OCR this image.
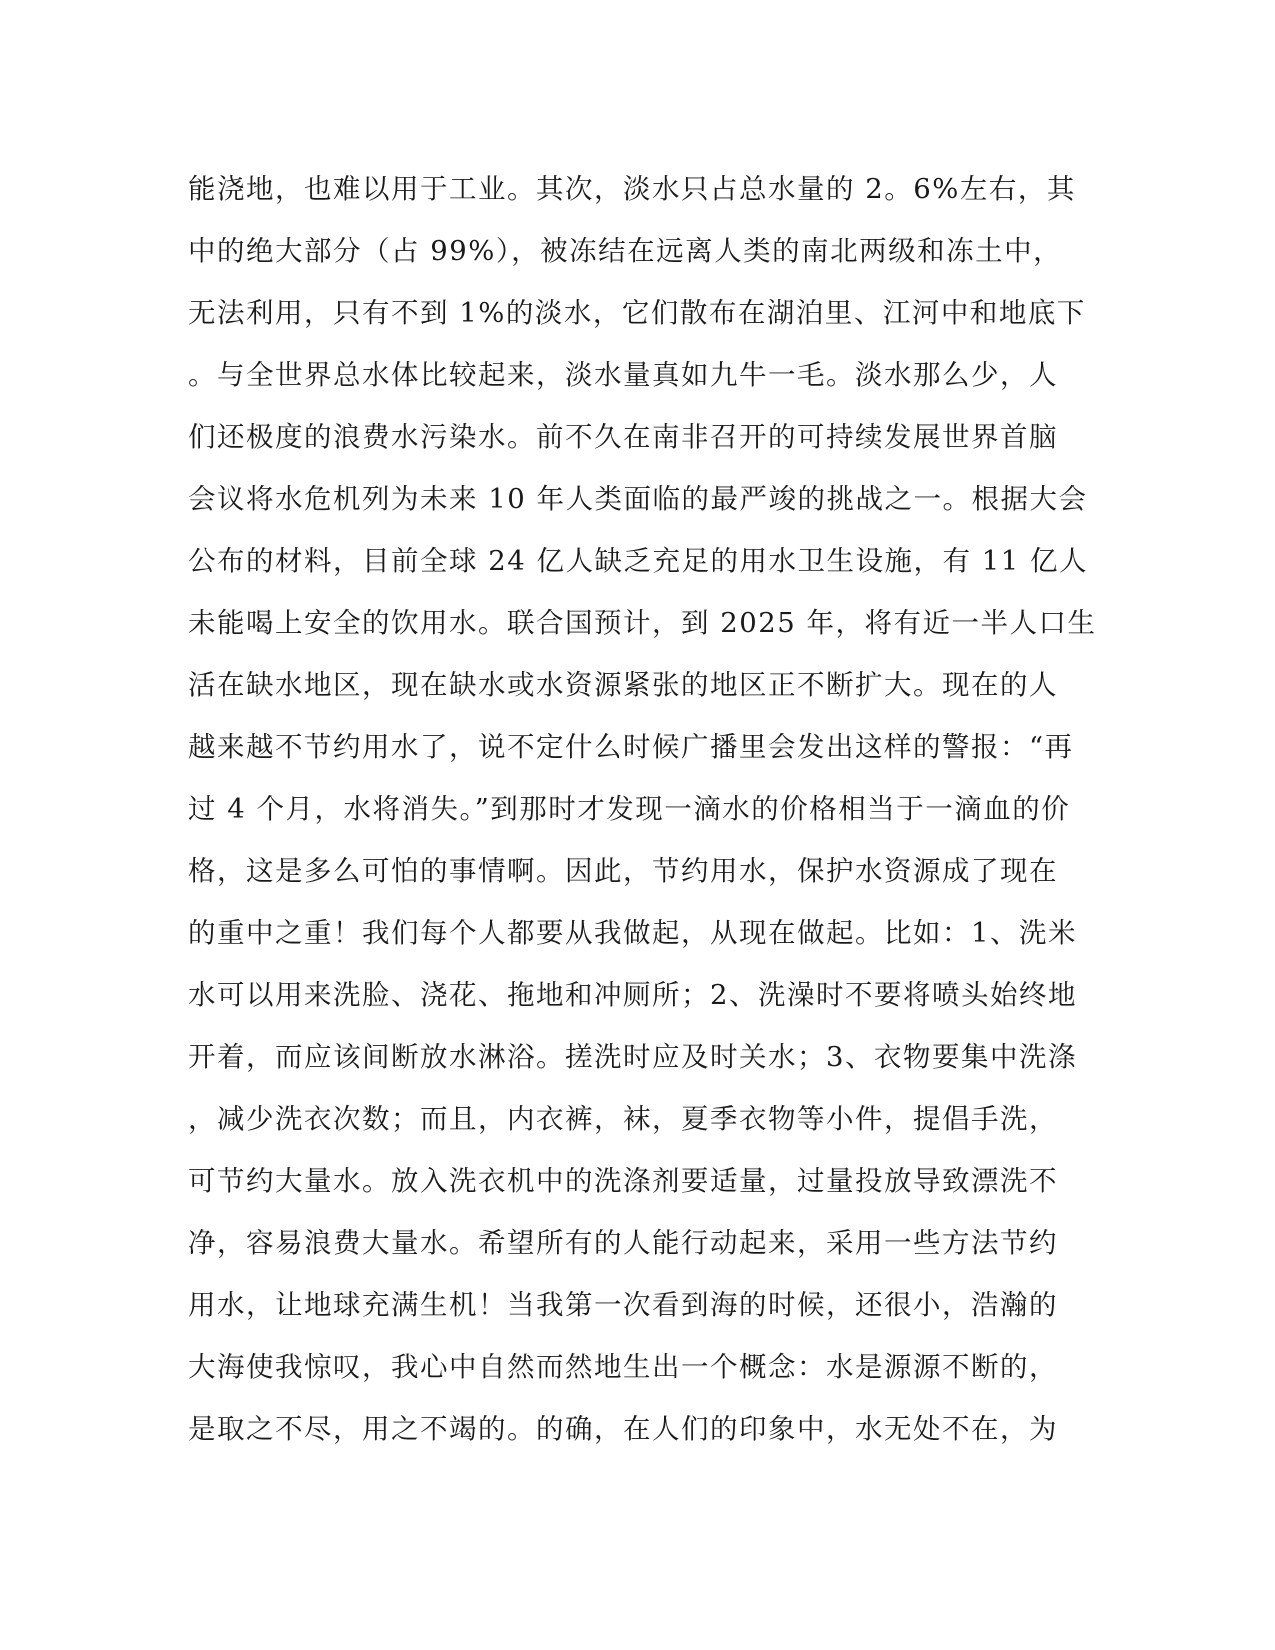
能浇地，也难以用于工业。其次，淡水只占总水量的 2。6%左右，其
中的绝大部分（占 99%），被冻结在远离人类的南北两级和冻土中，
无法利用，只有不到 1%的淡水，它们散布在湖泊里、江河中和地底下
。与全世界总水体比较起来，淡水量真如九牛一毛。淡水那么少，人
们还极度的浪费水污染水。前不久在南非召开的可持续发展世界首脑
会议将水危机列为未来 10 年人类面临的最严竣的挑战之一。根据大会
公布的材料，目前全球 24 亿人缺乏充足的用水卫生设施，有 11 亿人
未能喝上安全的饮用水。联合国预计，到 2025 年，将有近一半人口生
活在缺水地区，现在缺水或水资源紧张的地区正不断扩大。现在的人
越来越不节约用水了，说不定什么时候广播里会发出这样的警报：“再
过 4 个月，水将消失。”到那时才发现一滴水的价格相当于一滴血的价
格，这是多么可怕的事情啊。因此，节约用水，保护水资源成了现在
的重中之重！我们每个人都要从我做起，从现在做起。比如：1、洗米
水可以用来洗脸、浇花、拖地和冲厕所；2、洗澡时不要将喷头始终地
开着，而应该间断放水淋浴。搓洗时应及时关水；3、衣物要集中洗涤
，减少洗衣次数；而且，内衣裤，袜，夏季衣物等小件，提倡手洗，
可节约大量水。放入洗衣机中的洗涤剂要适量，过量投放导致漂洗不
净，容易浪费大量水。希望所有的人能行动起来，采用一些方法节约
用水，让地球充满生机！当我第一次看到海的时候，还很小，浩瀚的
大海使我惊叹，我心中自然而然地生出一个概念：水是源源不断的，
是取之不尽，用之不竭的。的确，在人们的印象中，水无处不在，为
